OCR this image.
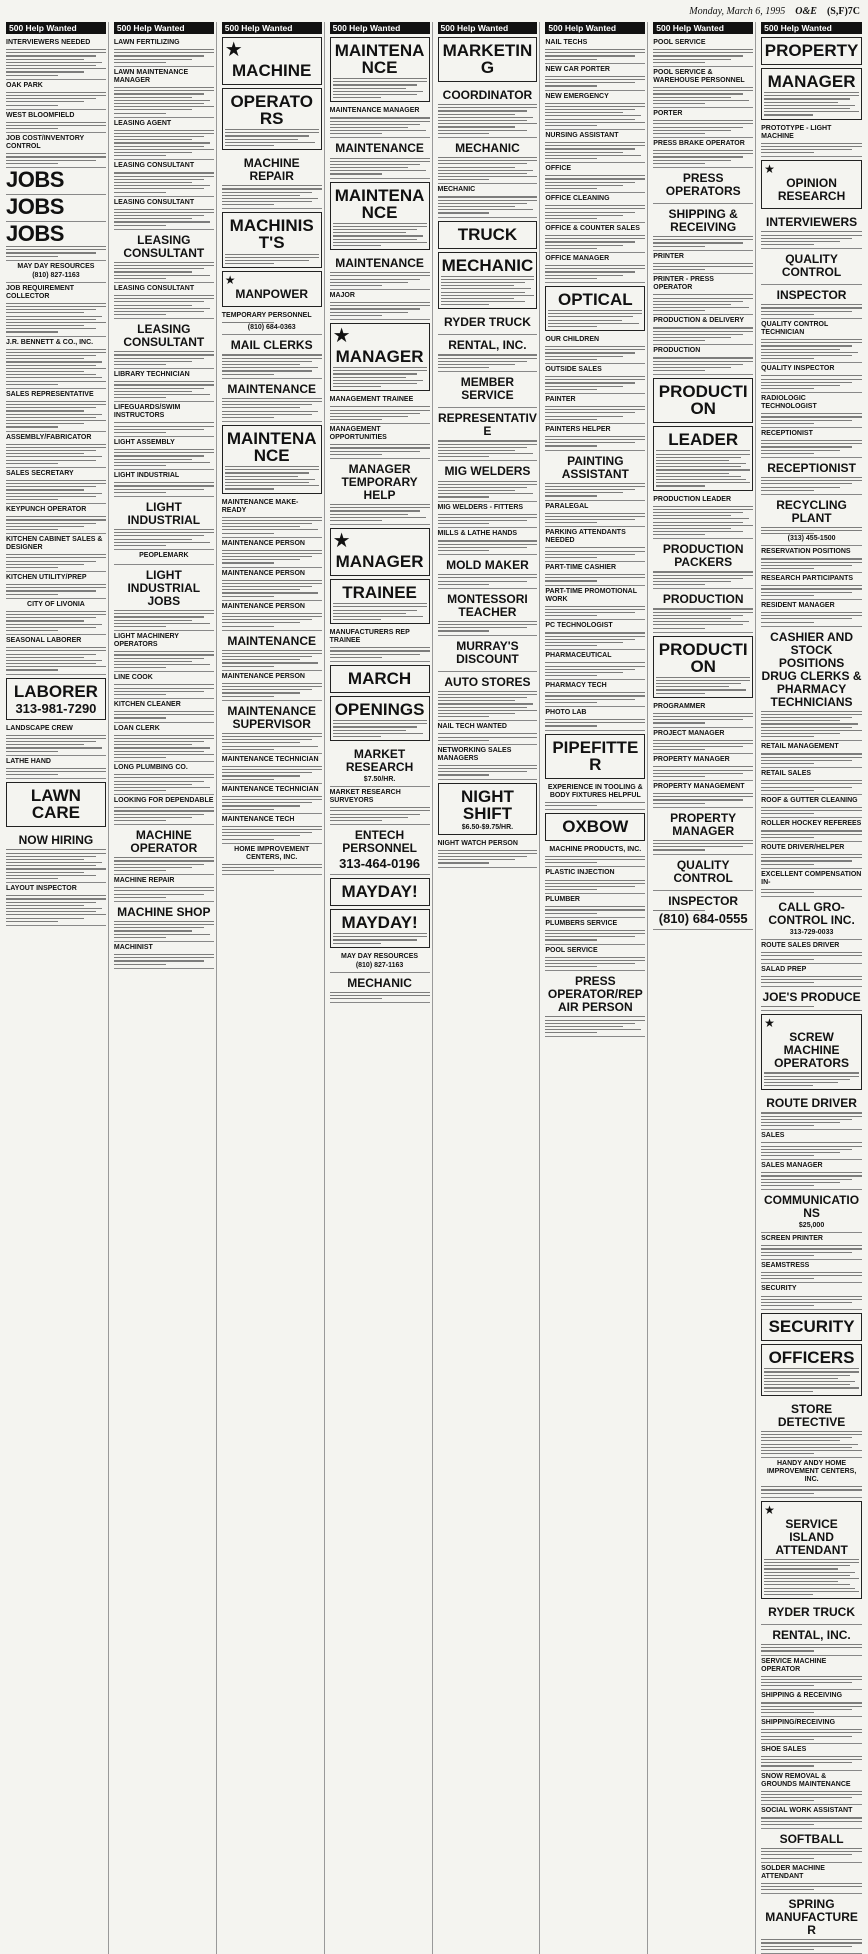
Monday, March 6, 1995 O&E (S,F)7C
500 Help Wanted
INTERVIEWERS NEEDED
OAK PARK
WEST BLOOMFIELD
JOB COST/INVENTORY CONTROL
JOBS
JOBS
JOBS
MAY DAY RESOURCES
(810) 827-1163
JOB REQUIREMENT COLLECTOR
J.R. BENNETT & CO., INC.
SALES REPRESENTATIVE
ASSEMBLY/FABRICATOR
SALES SECRETARY
KEYPUNCH OPERATOR
KITCHEN CABINET SALES & DESIGNER
KITCHEN UTILITY/PREP
CITY OF LIVONIA
SEASONAL LABORER
LABORER
313-981-7290
LANDSCAPE CREW
LATHE HAND
LAWN CARE
NOW HIRING
LAYOUT INSPECTOR
500 Help Wanted
LAWN FERTILIZING
LAWN MAINTENANCE MANAGER
LEASING AGENT
LEASING CONSULTANT
LEASING CONSULTANT
LEASING CONSULTANT
LEASING CONSULTANT
LEASING CONSULTANT
LIBRARY TECHNICIAN
LIFEGUARDS/SWIM INSTRUCTORS
LIGHT ASSEMBLY
LIGHT INDUSTRIAL
LIGHT INDUSTRIAL
PEOPLEMARK
LIGHT INDUSTRIAL JOBS
LIGHT MACHINERY OPERATORS
LINE COOK
KITCHEN CLEANER
LOAN CLERK
LONG PLUMBING CO.
LOOKING FOR DEPENDABLE
MACHINE OPERATOR
MACHINE REPAIR
MACHINE SHOP
MACHINIST
500 Help Wanted
★
MACHINE
OPERATORS
MACHINE REPAIR
MACHINIST'S
★
MANPOWER
TEMPORARY PERSONNEL
(810) 684-0363
MAIL CLERKS
MAINTENANCE
MAINTENANCE
MAINTENANCE MAKE-READY
MAINTENANCE PERSON
MAINTENANCE PERSON
MAINTENANCE PERSON
MAINTENANCE
MAINTENANCE PERSON
MAINTENANCE SUPERVISOR
MAINTENANCE TECHNICIAN
MAINTENANCE TECHNICIAN
MAINTENANCE TECH
HOME IMPROVEMENT CENTERS, INC.
500 Help Wanted
MAINTENANCE
MAINTENANCE MANAGER
MAINTENANCE
MAINTENANCE
MAINTENANCE
MAJOR
★
MANAGER
MANAGEMENT TRAINEE
MANAGEMENT OPPORTUNITIES
MANAGER TEMPORARY HELP
★
MANAGER
TRAINEE
MANUFACTURERS REP TRAINEE
MARCH
OPENINGS
MARKET RESEARCH
$7.50/HR.
MARKET RESEARCH SURVEYORS
ENTECH PERSONNEL
313-464-0196
MAYDAY!
MAYDAY!
MAY DAY RESOURCES
(810) 827-1163
MECHANIC
500 Help Wanted
MARKETING
COORDINATOR
MECHANIC
MECHANIC
TRUCK
MECHANIC
RYDER TRUCK
RENTAL, INC.
MEMBER SERVICE
REPRESENTATIVE
MIG WELDERS
MIG WELDERS - FITTERS
MILLS & LATHE HANDS
MOLD MAKER
MONTESSORI TEACHER
MURRAY'S DISCOUNT
AUTO STORES
NAIL TECH WANTED
NETWORKING SALES MANAGERS
NIGHT SHIFT
$6.50-$9.75/HR.
NIGHT WATCH PERSON
500 Help Wanted
NAIL TECHS
NEW CAR PORTER
NEW EMERGENCY
NURSING ASSISTANT
OFFICE
OFFICE CLEANING
OFFICE & COUNTER SALES
OFFICE MANAGER
OPTICAL
OUR CHILDREN
OUTSIDE SALES
PAINTER
PAINTERS HELPER
PAINTING ASSISTANT
PARALEGAL
PARKING ATTENDANTS NEEDED
PART-TIME CASHIER
PART-TIME PROMOTIONAL WORK
PC TECHNOLOGIST
PHARMACEUTICAL
PHARMACY TECH
PHOTO LAB
PIPEFITTER
EXPERIENCE IN TOOLING & BODY FIXTURES HELPFUL
OXBOW
MACHINE PRODUCTS, INC.
PLASTIC INJECTION
PLUMBER
PLUMBERS SERVICE
POOL SERVICE
PRESS OPERATOR/REPAIR PERSON
500 Help Wanted
POOL SERVICE
POOL SERVICE & WAREHOUSE PERSONNEL
PORTER
PRESS BRAKE OPERATOR
PRESS OPERATORS
SHIPPING & RECEIVING
PRINTER
PRINTER - PRESS OPERATOR
PRODUCTION & DELIVERY
PRODUCTION
PRODUCTION
LEADER
PRODUCTION LEADER
PRODUCTION PACKERS
PRODUCTION
PRODUCTION
PROGRAMMER
PROJECT MANAGER
PROPERTY MANAGER
PROPERTY MANAGEMENT
PROPERTY MANAGER
QUALITY CONTROL
INSPECTOR
(810) 684-0555
500 Help Wanted
PROPERTY
MANAGER
PROTOTYPE - LIGHT MACHINE
★
OPINION RESEARCH
INTERVIEWERS
QUALITY CONTROL
INSPECTOR
QUALITY CONTROL TECHNICIAN
QUALITY INSPECTOR
RADIOLOGIC TECHNOLOGIST
RECEPTIONIST
RECEPTIONIST
RECYCLING PLANT
(313) 455-1500
RESERVATION POSITIONS
RESEARCH PARTICIPANTS
RESIDENT MANAGER
CASHIER AND STOCK POSITIONS DRUG CLERKS & PHARMACY TECHNICIANS
RETAIL MANAGEMENT
RETAIL SALES
ROOF & GUTTER CLEANING
ROLLER HOCKEY REFEREES
ROUTE DRIVER/HELPER
EXCELLENT COMPENSATION IN-
CALL GRO-CONTROL INC.
313-729-0033
ROUTE SALES DRIVER
SALAD PREP
JOE'S PRODUCE
★
SCREW MACHINE OPERATORS
ROUTE DRIVER
SALES
SALES MANAGER
COMMUNICATIONS
$25,000
SCREEN PRINTER
SEAMSTRESS
SECURITY
SECURITY
OFFICERS
STORE DETECTIVE
HANDY ANDY HOME IMPROVEMENT CENTERS, INC.
★
SERVICE ISLAND ATTENDANT
RYDER TRUCK
RENTAL, INC.
SERVICE MACHINE OPERATOR
SHIPPING & RECEIVING
SHIPPING/RECEIVING
SHOE SALES
SNOW REMOVAL & GROUNDS MAINTENANCE
SOCIAL WORK ASSISTANT
SOFTBALL
SOLDER MACHINE ATTENDANT
SPRING MANUFACTURER
